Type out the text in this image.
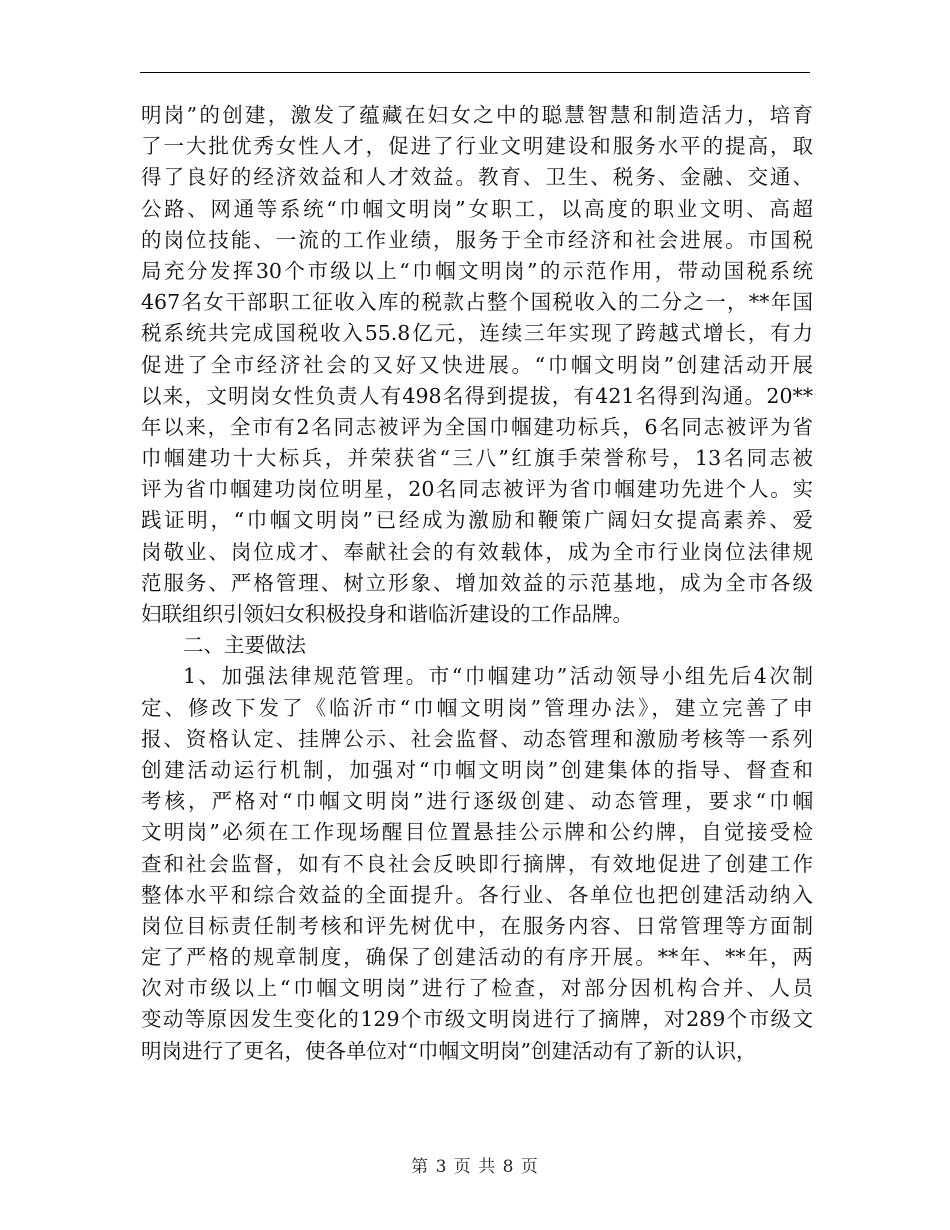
明岗”的创建，激发了蕴藏在妇女之中的聪慧智慧和制造活力，培育
了一大批优秀女性人才，促进了行业文明建设和服务水平的提高，取
得了良好的经济效益和人才效益。教育、卫生、税务、金融、交通、
公路、网通等系统“巾帼文明岗”女职工，以高度的职业文明、高超
的岗位技能、一流的工作业绩，服务于全市经济和社会进展。市国税
局充分发挥30个市级以上“巾帼文明岗”的示范作用，带动国税系统
467名女干部职工征收入库的税款占整个国税收入的二分之一，**年国
税系统共完成国税收入55.8亿元，连续三年实现了跨越式增长，有力
促进了全市经济社会的又好又快进展。“巾帼文明岗”创建活动开展
以来，文明岗女性负责人有498名得到提拔，有421名得到沟通。20**
年以来，全市有2名同志被评为全国巾帼建功标兵，6名同志被评为省
巾帼建功十大标兵，并荣获省“三八”红旗手荣誉称号，13名同志被
评为省巾帼建功岗位明星，20名同志被评为省巾帼建功先进个人。实
践证明，“巾帼文明岗”已经成为激励和鞭策广阔妇女提高素养、爱
岗敬业、岗位成才、奉献社会的有效载体，成为全市行业岗位法律规
范服务、严格管理、树立形象、增加效益的示范基地，成为全市各级
妇联组织引领妇女积极投身和谐临沂建设的工作品牌。
二、主要做法
1、加强法律规范管理。市“巾帼建功”活动领导小组先后4次制
定、修改下发了《临沂市“巾帼文明岗”管理办法》，建立完善了申
报、资格认定、挂牌公示、社会监督、动态管理和激励考核等一系列
创建活动运行机制，加强对“巾帼文明岗”创建集体的指导、督查和
考核，严格对“巾帼文明岗”进行逐级创建、动态管理，要求“巾帼
文明岗”必须在工作现场醒目位置悬挂公示牌和公约牌，自觉接受检
查和社会监督，如有不良社会反映即行摘牌，有效地促进了创建工作
整体水平和综合效益的全面提升。各行业、各单位也把创建活动纳入
岗位目标责任制考核和评先树优中，在服务内容、日常管理等方面制
定了严格的规章制度，确保了创建活动的有序开展。**年、**年，两
次对市级以上“巾帼文明岗”进行了检查，对部分因机构合并、人员
变动等原因发生变化的129个市级文明岗进行了摘牌，对289个市级文
明岗进行了更名，使各单位对“巾帼文明岗”创建活动有了新的认识，
第 3 页 共 8 页
